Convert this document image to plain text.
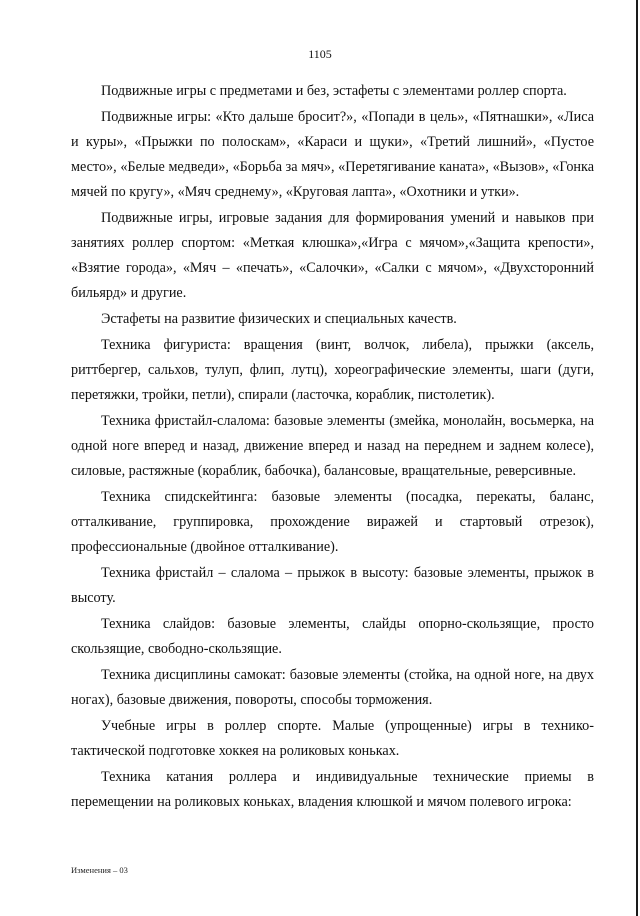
1105

Подвижные игры с предметами и без, эстафеты с элементами роллер спорта.

Подвижные игры: «Кто дальше бросит?», «Попади в цель», «Пятнашки», «Лиса и куры», «Прыжки по полоскам», «Караси и щуки», «Третий лишний», «Пустое место», «Белые медведи», «Борьба за мяч», «Перетягивание каната», «Вызов», «Гонка мячей по кругу», «Мяч среднему», «Круговая лапта», «Охотники и утки».

Подвижные игры, игровые задания для формирования умений и навыков при занятиях роллер спортом: «Меткая клюшка»,«Игра с мячом»,«Защита крепости», «Взятие города», «Мяч – «печать», «Салочки», «Салки с мячом», «Двухсторонний бильярд» и другие.

Эстафеты на развитие физических и специальных качеств.

Техника фигуриста: вращения (винт, волчок, либела), прыжки (аксель, риттбергер, сальхов, тулуп, флип, лутц), хореографические элементы, шаги (дуги, перетяжки, тройки, петли), спирали (ласточка, кораблик, пистолетик).

Техника фристайл-слалома: базовые элементы (змейка, монолайн, восьмерка, на одной ноге вперед и назад, движение вперед и назад на переднем и заднем колесе), силовые, растяжные (кораблик, бабочка), балансовые, вращательные, реверсивные.

Техника спидскейтинга: базовые элементы (посадка, перекаты, баланс, отталкивание, группировка, прохождение виражей и стартовый отрезок), профессиональные (двойное отталкивание).

Техника фристайл – слалома – прыжок в высоту: базовые элементы, прыжок в высоту.

Техника слайдов: базовые элементы, слайды опорно-скользящие, просто скользящие, свободно-скользящие.

Техника дисциплины самокат: базовые элементы (стойка, на одной ноге, на двух ногах), базовые движения, повороты, способы торможения.

Учебные игры в роллер спорте. Малые (упрощенные) игры в технико-тактической подготовке хоккея на роликовых коньках.

Техника катания роллера и индивидуальные технические приемы в перемещении на роликовых коньках, владения клюшкой и мячом полевого игрока:

Изменения – 03
